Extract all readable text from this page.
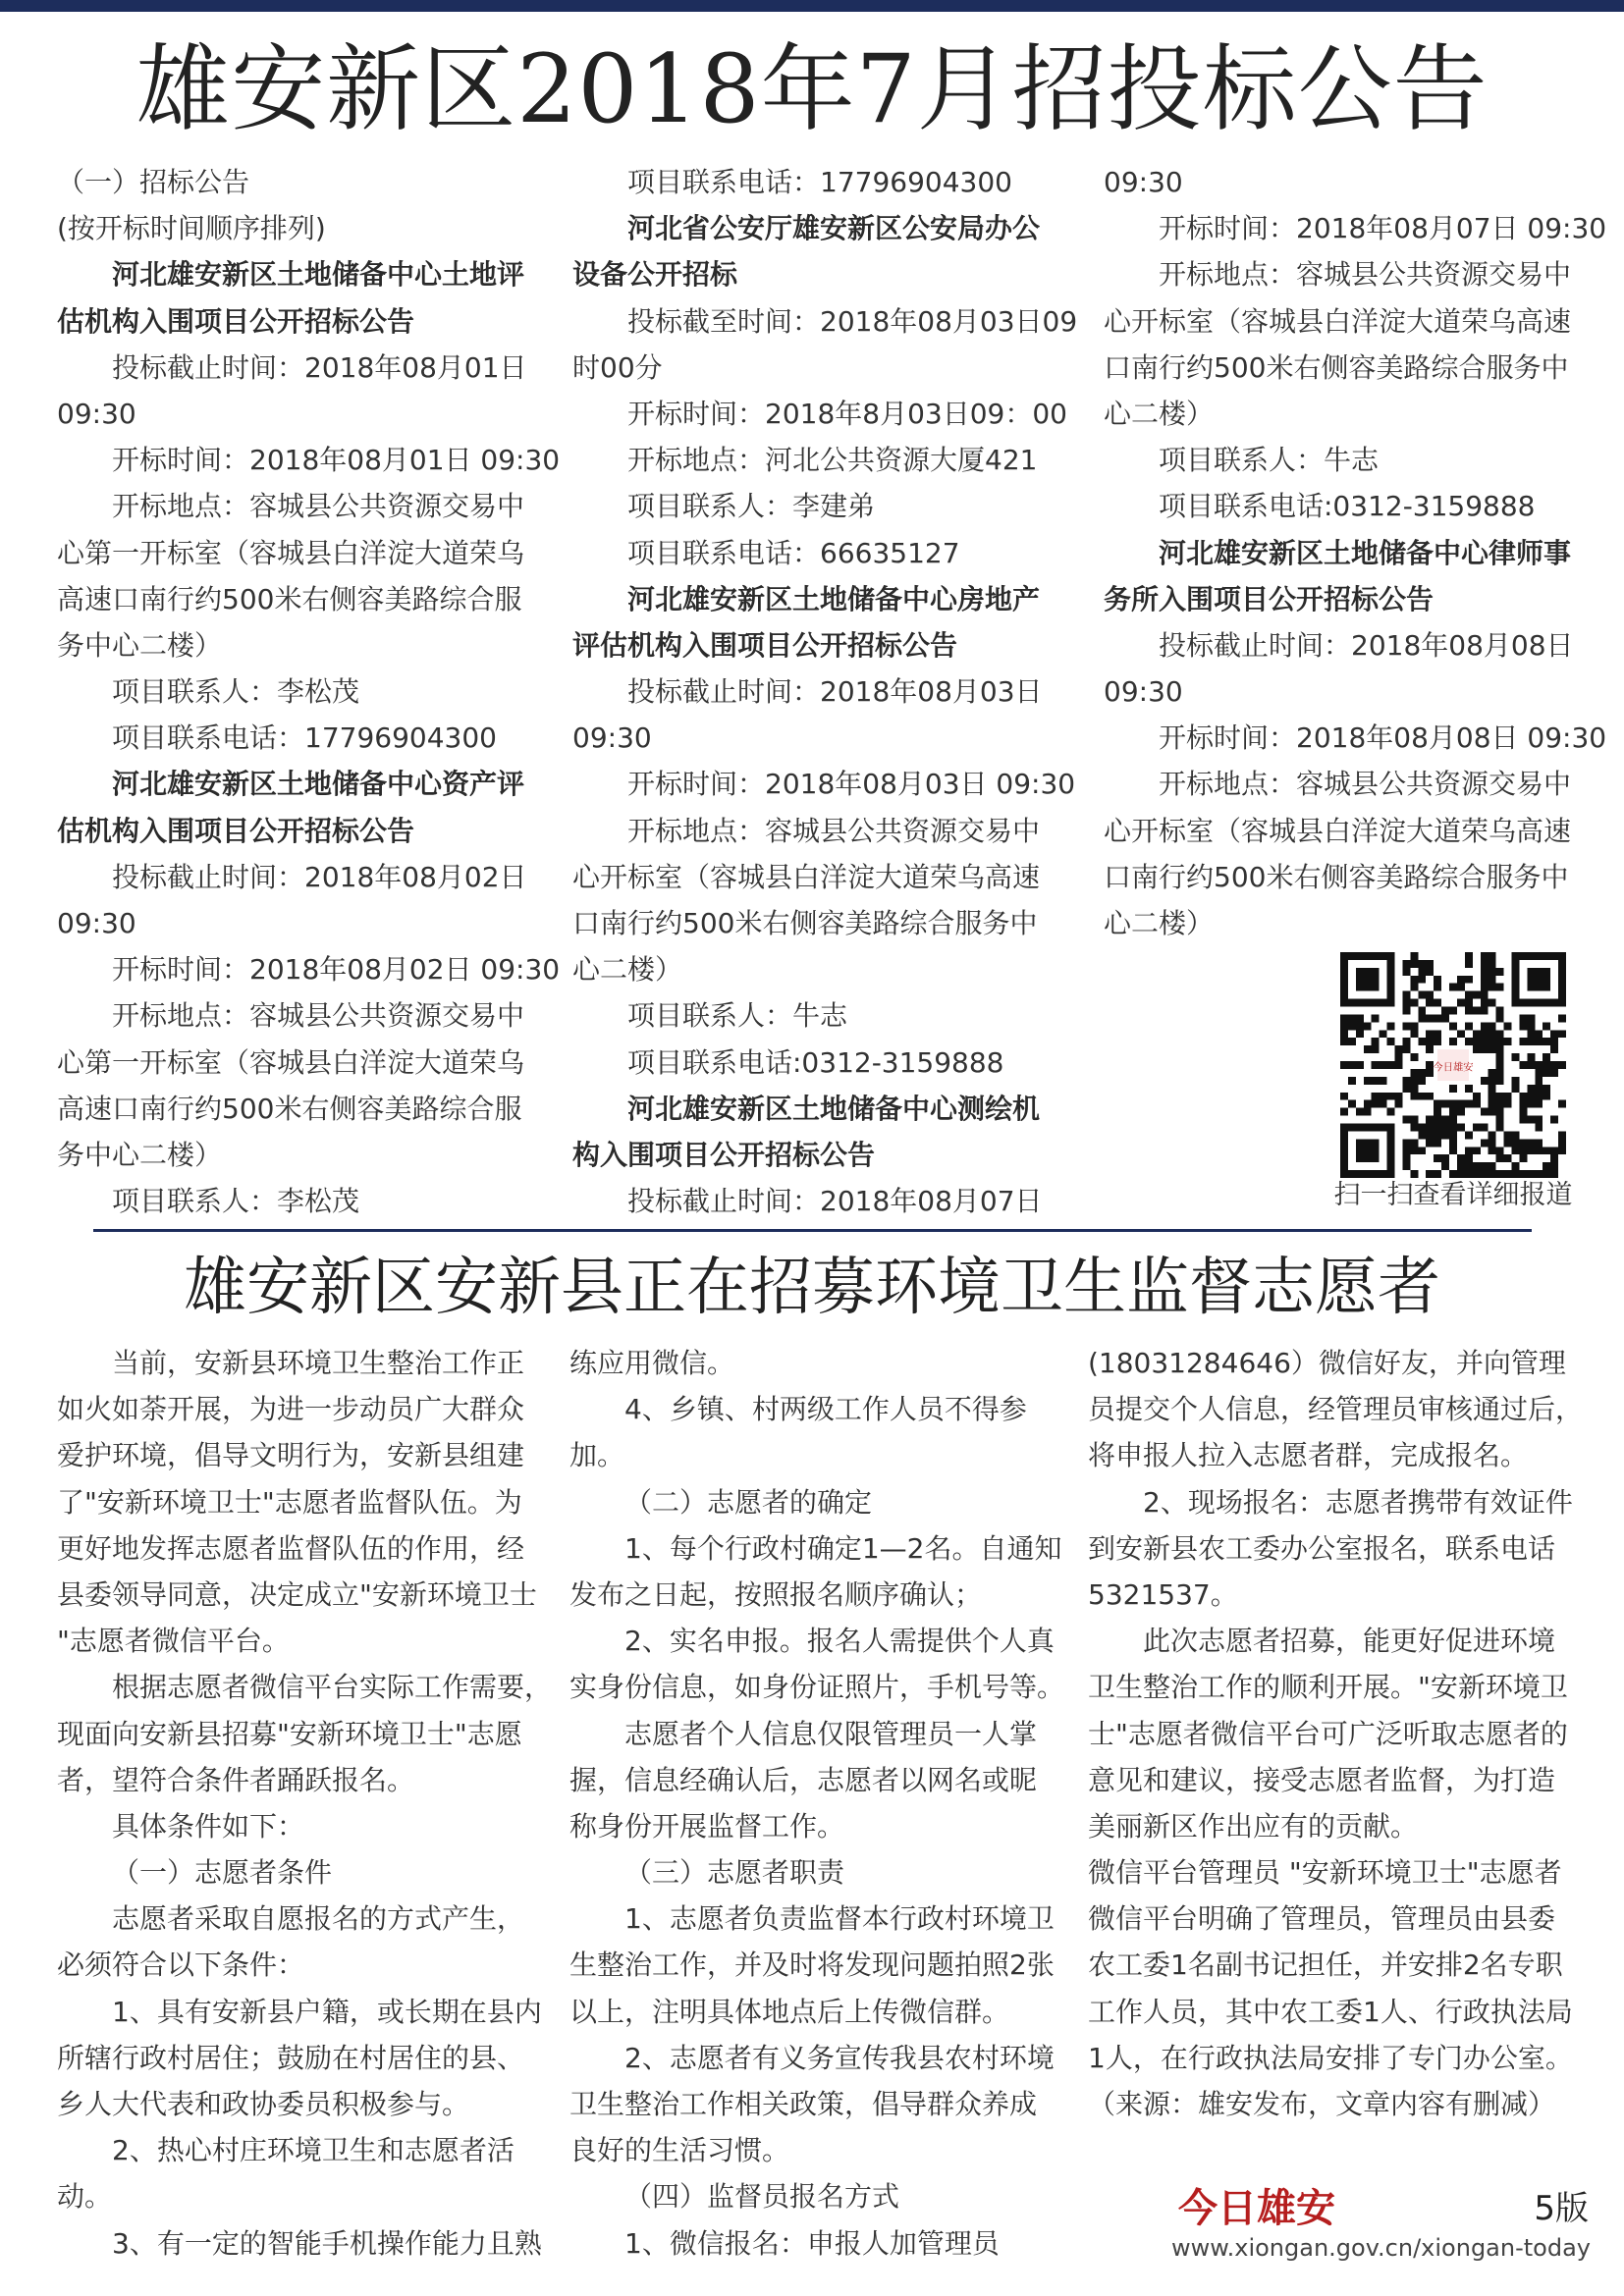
雄安新区2018年7月招投标公告

（一）招标公告

(按开标时间顺序排列)

河北雄安新区土地储备中心土地评

估机构入围项目公开招标公告

投标截止时间：2018年08月01日

09:30

开标时间：2018年08月01日 09:30

开标地点：容城县公共资源交易中

心第一开标室（容城县白洋淀大道荣乌

高速口南行约500米右侧容美路综合服

务中心二楼）

项目联系人：李松茂

项目联系电话：17796904300

河北雄安新区土地储备中心资产评

估机构入围项目公开招标公告

投标截止时间：2018年08月02日

09:30

开标时间：2018年08月02日 09:30

开标地点：容城县公共资源交易中

心第一开标室（容城县白洋淀大道荣乌

高速口南行约500米右侧容美路综合服

务中心二楼）

项目联系人：李松茂

项目联系电话：17796904300

河北省公安厅雄安新区公安局办公

设备公开招标

投标截至时间：2018年08月03日09

时00分

开标时间：2018年8月03日09：00

开标地点：河北公共资源大厦421

项目联系人：李建弟

项目联系电话：66635127

河北雄安新区土地储备中心房地产

评估机构入围项目公开招标公告

投标截止时间：2018年08月03日

09:30

开标时间：2018年08月03日 09:30

开标地点：容城县公共资源交易中

心开标室（容城县白洋淀大道荣乌高速

口南行约500米右侧容美路综合服务中

心二楼）

项目联系人：牛志

项目联系电话:0312-3159888

河北雄安新区土地储备中心测绘机

构入围项目公开招标公告

投标截止时间：2018年08月07日

09:30

开标时间：2018年08月07日 09:30

开标地点：容城县公共资源交易中

心开标室（容城县白洋淀大道荣乌高速

口南行约500米右侧容美路综合服务中

心二楼）

项目联系人：牛志

项目联系电话:0312-3159888

河北雄安新区土地储备中心律师事

务所入围项目公开招标公告

投标截止时间：2018年08月08日

09:30

开标时间：2018年08月08日 09:30

开标地点：容城县公共资源交易中

心开标室（容城县白洋淀大道荣乌高速

口南行约500米右侧容美路综合服务中

心二楼）

今日雄安
扫一扫查看详细报道
雄安新区安新县正在招募环境卫生监督志愿者

当前，安新县环境卫生整治工作正

如火如荼开展，为进一步动员广大群众

爱护环境，倡导文明行为，安新县组建

了"安新环境卫士"志愿者监督队伍。为

更好地发挥志愿者监督队伍的作用，经

县委领导同意，决定成立"安新环境卫士

"志愿者微信平台。

根据志愿者微信平台实际工作需要，

现面向安新县招募"安新环境卫士"志愿

者，望符合条件者踊跃报名。

具体条件如下：

（一）志愿者条件

志愿者采取自愿报名的方式产生，

必须符合以下条件：

1、具有安新县户籍，或长期在县内

所辖行政村居住；鼓励在村居住的县、

乡人大代表和政协委员积极参与。

2、热心村庄环境卫生和志愿者活

动。

3、有一定的智能手机操作能力且熟

练应用微信。

4、乡镇、村两级工作人员不得参

加。

（二）志愿者的确定

1、每个行政村确定1—2名。自通知

发布之日起，按照报名顺序确认；

2、实名申报。报名人需提供个人真

实身份信息，如身份证照片，手机号等。

志愿者个人信息仅限管理员一人掌

握，信息经确认后，志愿者以网名或昵

称身份开展监督工作。

（三）志愿者职责

1、志愿者负责监督本行政村环境卫

生整治工作，并及时将发现问题拍照2张

以上，注明具体地点后上传微信群。

2、志愿者有义务宣传我县农村环境

卫生整治工作相关政策，倡导群众养成

良好的生活习惯。

（四）监督员报名方式

1、微信报名：申报人加管理员

(18031284646）微信好友，并向管理

员提交个人信息，经管理员审核通过后，

将申报人拉入志愿者群，完成报名。

2、现场报名：志愿者携带有效证件

到安新县农工委办公室报名，联系电话

5321537。

此次志愿者招募，能更好促进环境

卫生整治工作的顺利开展。"安新环境卫

士"志愿者微信平台可广泛听取志愿者的

意见和建议，接受志愿者监督，为打造

美丽新区作出应有的贡献。

微信平台管理员 "安新环境卫士"志愿者

微信平台明确了管理员，管理员由县委

农工委1名副书记担任，并安排2名专职

工作人员，其中农工委1人、行政执法局

1人，在行政执法局安排了专门办公室。

（来源：雄安发布，文章内容有删减）

今日雄安	5版
www.xiongan.gov.cn/xiongan-today
